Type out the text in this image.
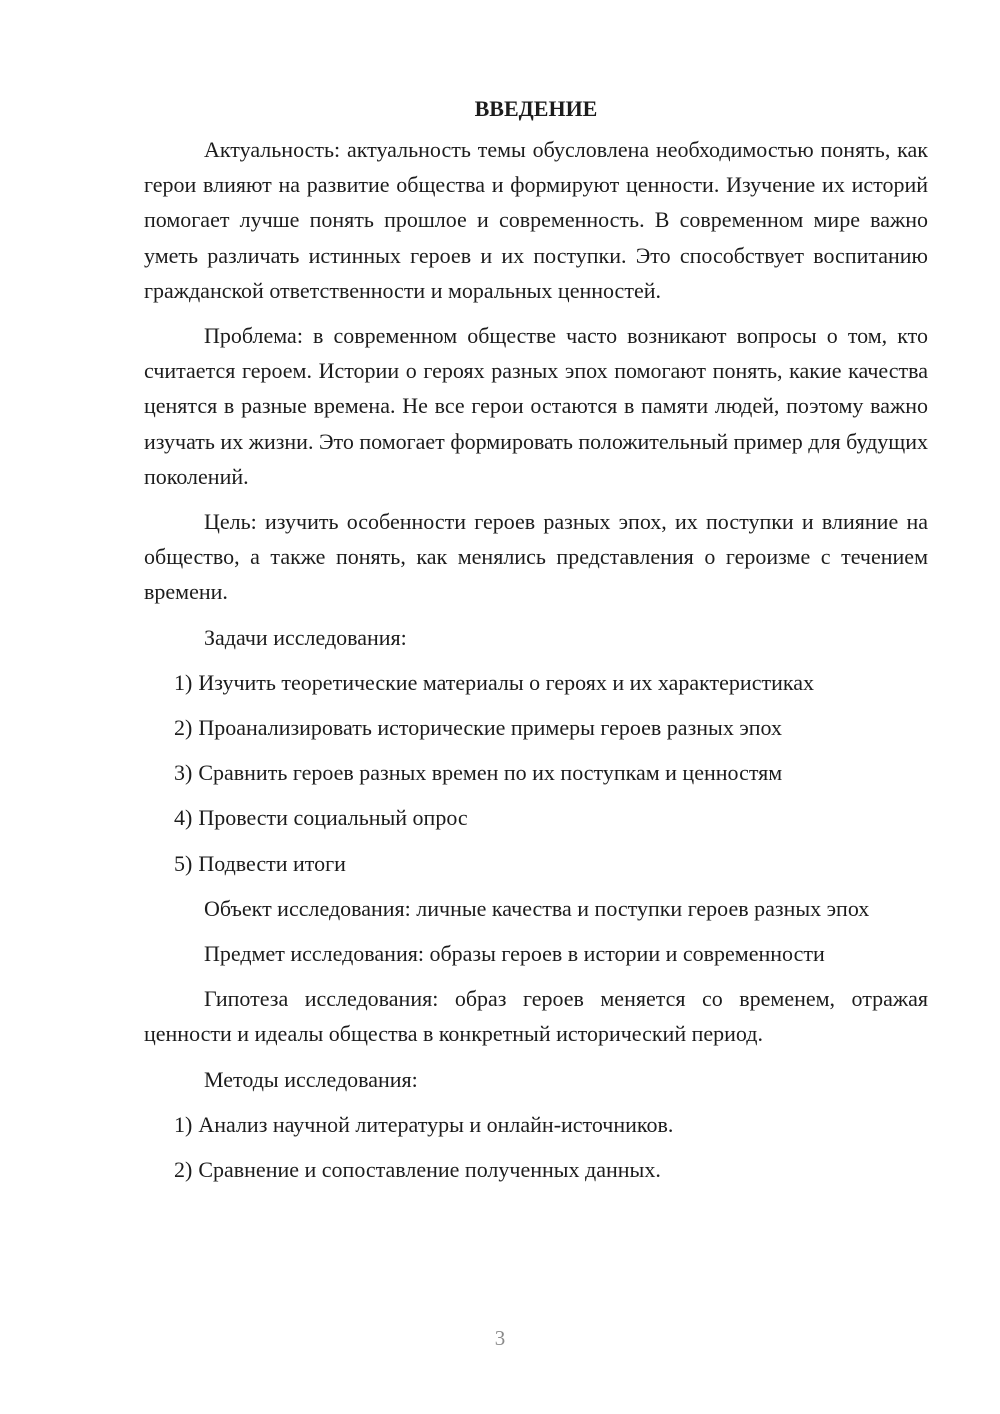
ВВЕДЕНИЕ

Актуальность: актуальность темы обусловлена необходимостью понять, как герои влияют на развитие общества и формируют ценности. Изучение их историй помогает лучше понять прошлое и современность. В современном мире важно уметь различать истинных героев и их поступки. Это способствует воспитанию гражданской ответственности и моральных ценностей.

Проблема: в современном обществе часто возникают вопросы о том, кто считается героем. Истории о героях разных эпох помогают понять, какие качества ценятся в разные времена. Не все герои остаются в памяти людей, поэтому важно изучать их жизни. Это помогает формировать положительный пример для будущих поколений.

Цель: изучить особенности героев разных эпох, их поступки и влияние на общество, а также понять, как менялись представления о героизме с течением времени.

Задачи исследования:

1) Изучить теоретические материалы о героях и их характеристиках

2) Проанализировать исторические примеры героев разных эпох

3) Сравнить героев разных времен по их поступкам и ценностям

4) Провести социальный опрос

5) Подвести итоги

Объект исследования: личные качества и поступки героев разных эпох

Предмет исследования: образы героев в истории и современности

Гипотеза исследования: образ героев меняется со временем, отражая ценности и идеалы общества в конкретный исторический период.

Методы исследования:

1) Анализ научной литературы и онлайн-источников.

2) Сравнение и сопоставление полученных данных.

3
